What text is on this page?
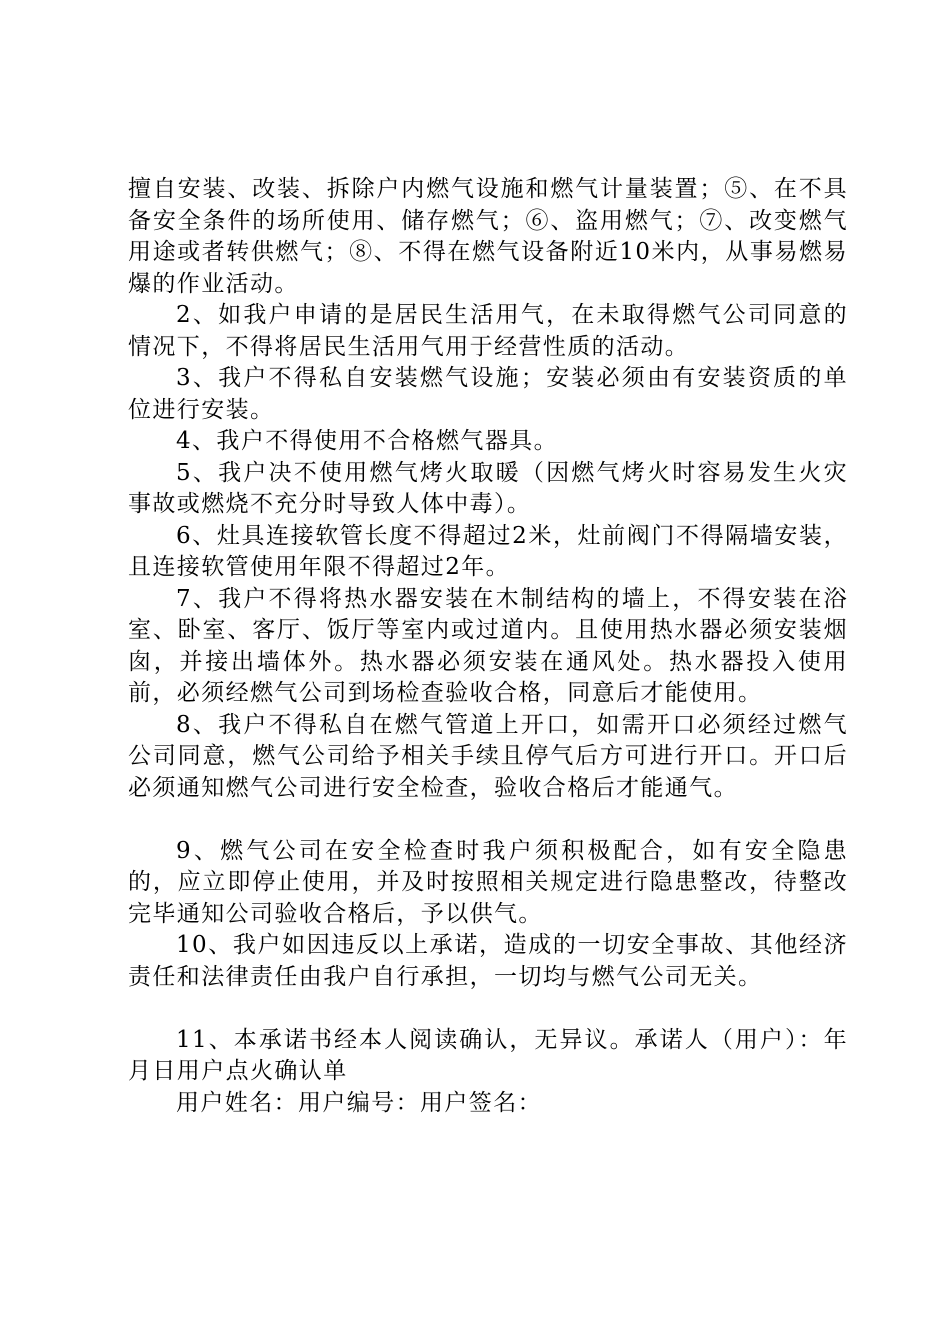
擅自安装、改装、拆除户内燃气设施和燃气计量装置；⑤、在不具备安全条件的场所使用、储存燃气；⑥、盗用燃气；⑦、改变燃气用途或者转供燃气；⑧、不得在燃气设备附近10米内，从事易燃易爆的作业活动。

2、如我户申请的是居民生活用气，在未取得燃气公司同意的情况下，不得将居民生活用气用于经营性质的活动。

3、我户不得私自安装燃气设施；安装必须由有安装资质的单位进行安装。

4、我户不得使用不合格燃气器具。

5、我户决不使用燃气烤火取暖（因燃气烤火时容易发生火灾事故或燃烧不充分时导致人体中毒）。

6、灶具连接软管长度不得超过2米，灶前阀门不得隔墙安装，且连接软管使用年限不得超过2年。

7、我户不得将热水器安装在木制结构的墙上，不得安装在浴室、卧室、客厅、饭厅等室内或过道内。且使用热水器必须安装烟囱，并接出墙体外。热水器必须安装在通风处。热水器投入使用前，必须经燃气公司到场检查验收合格，同意后才能使用。

8、我户不得私自在燃气管道上开口，如需开口必须经过燃气公司同意，燃气公司给予相关手续且停气后方可进行开口。开口后必须通知燃气公司进行安全检查，验收合格后才能通气。

9、燃气公司在安全检查时我户须积极配合，如有安全隐患的，应立即停止使用，并及时按照相关规定进行隐患整改，待整改完毕通知公司验收合格后，予以供气。

10、我户如因违反以上承诺，造成的一切安全事故、其他经济责任和法律责任由我户自行承担，一切均与燃气公司无关。

11、本承诺书经本人阅读确认，无异议。承诺人（用户）：年月日用户点火确认单

用户姓名：用户编号：用户签名：
